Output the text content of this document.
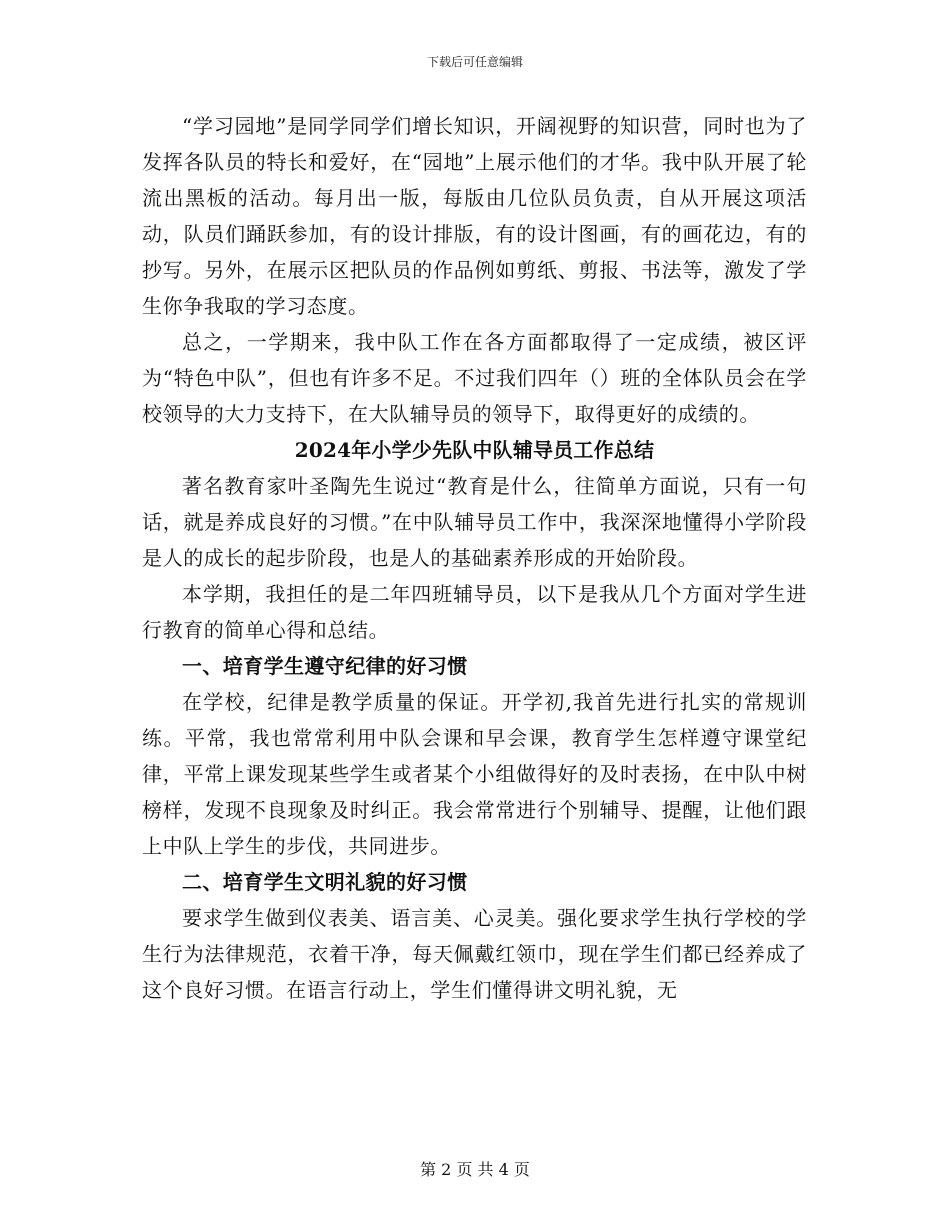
下载后可任意编辑

“学习园地”是同学同学们增长知识，开阔视野的知识营，同时也为了发挥各队员的特长和爱好，在“园地”上展示他们的才华。我中队开展了轮流出黑板的活动。每月出一版，每版由几位队员负责，自从开展这项活动，队员们踊跃参加，有的设计排版，有的设计图画，有的画花边，有的抄写。另外，在展示区把队员的作品例如剪纸、剪报、书法等，激发了学生你争我取的学习态度。

总之，一学期来，我中队工作在各方面都取得了一定成绩，被区评为“特色中队”，但也有许多不足。不过我们四年（）班的全体队员会在学校领导的大力支持下，在大队辅导员的领导下，取得更好的成绩的。

2024年小学少先队中队辅导员工作总结

著名教育家叶圣陶先生说过“教育是什么，往简单方面说，只有一句话，就是养成良好的习惯。”在中队辅导员工作中，我深深地懂得小学阶段是人的成长的起步阶段，也是人的基础素养形成的开始阶段。

本学期，我担任的是二年四班辅导员，以下是我从几个方面对学生进行教育的简单心得和总结。

一、培育学生遵守纪律的好习惯

在学校，纪律是教学质量的保证。开学初,我首先进行扎实的常规训练。平常，我也常常利用中队会课和早会课，教育学生怎样遵守课堂纪律，平常上课发现某些学生或者某个小组做得好的及时表扬，在中队中树榜样，发现不良现象及时纠正。我会常常进行个别辅导、提醒，让他们跟上中队上学生的步伐，共同进步。

二、培育学生文明礼貌的好习惯

要求学生做到仪表美、语言美、心灵美。强化要求学生执行学校的学生行为法律规范，衣着干净，每天佩戴红领巾，现在学生们都已经养成了这个良好习惯。在语言行动上，学生们懂得讲文明礼貌，无

第 2 页 共 4 页
